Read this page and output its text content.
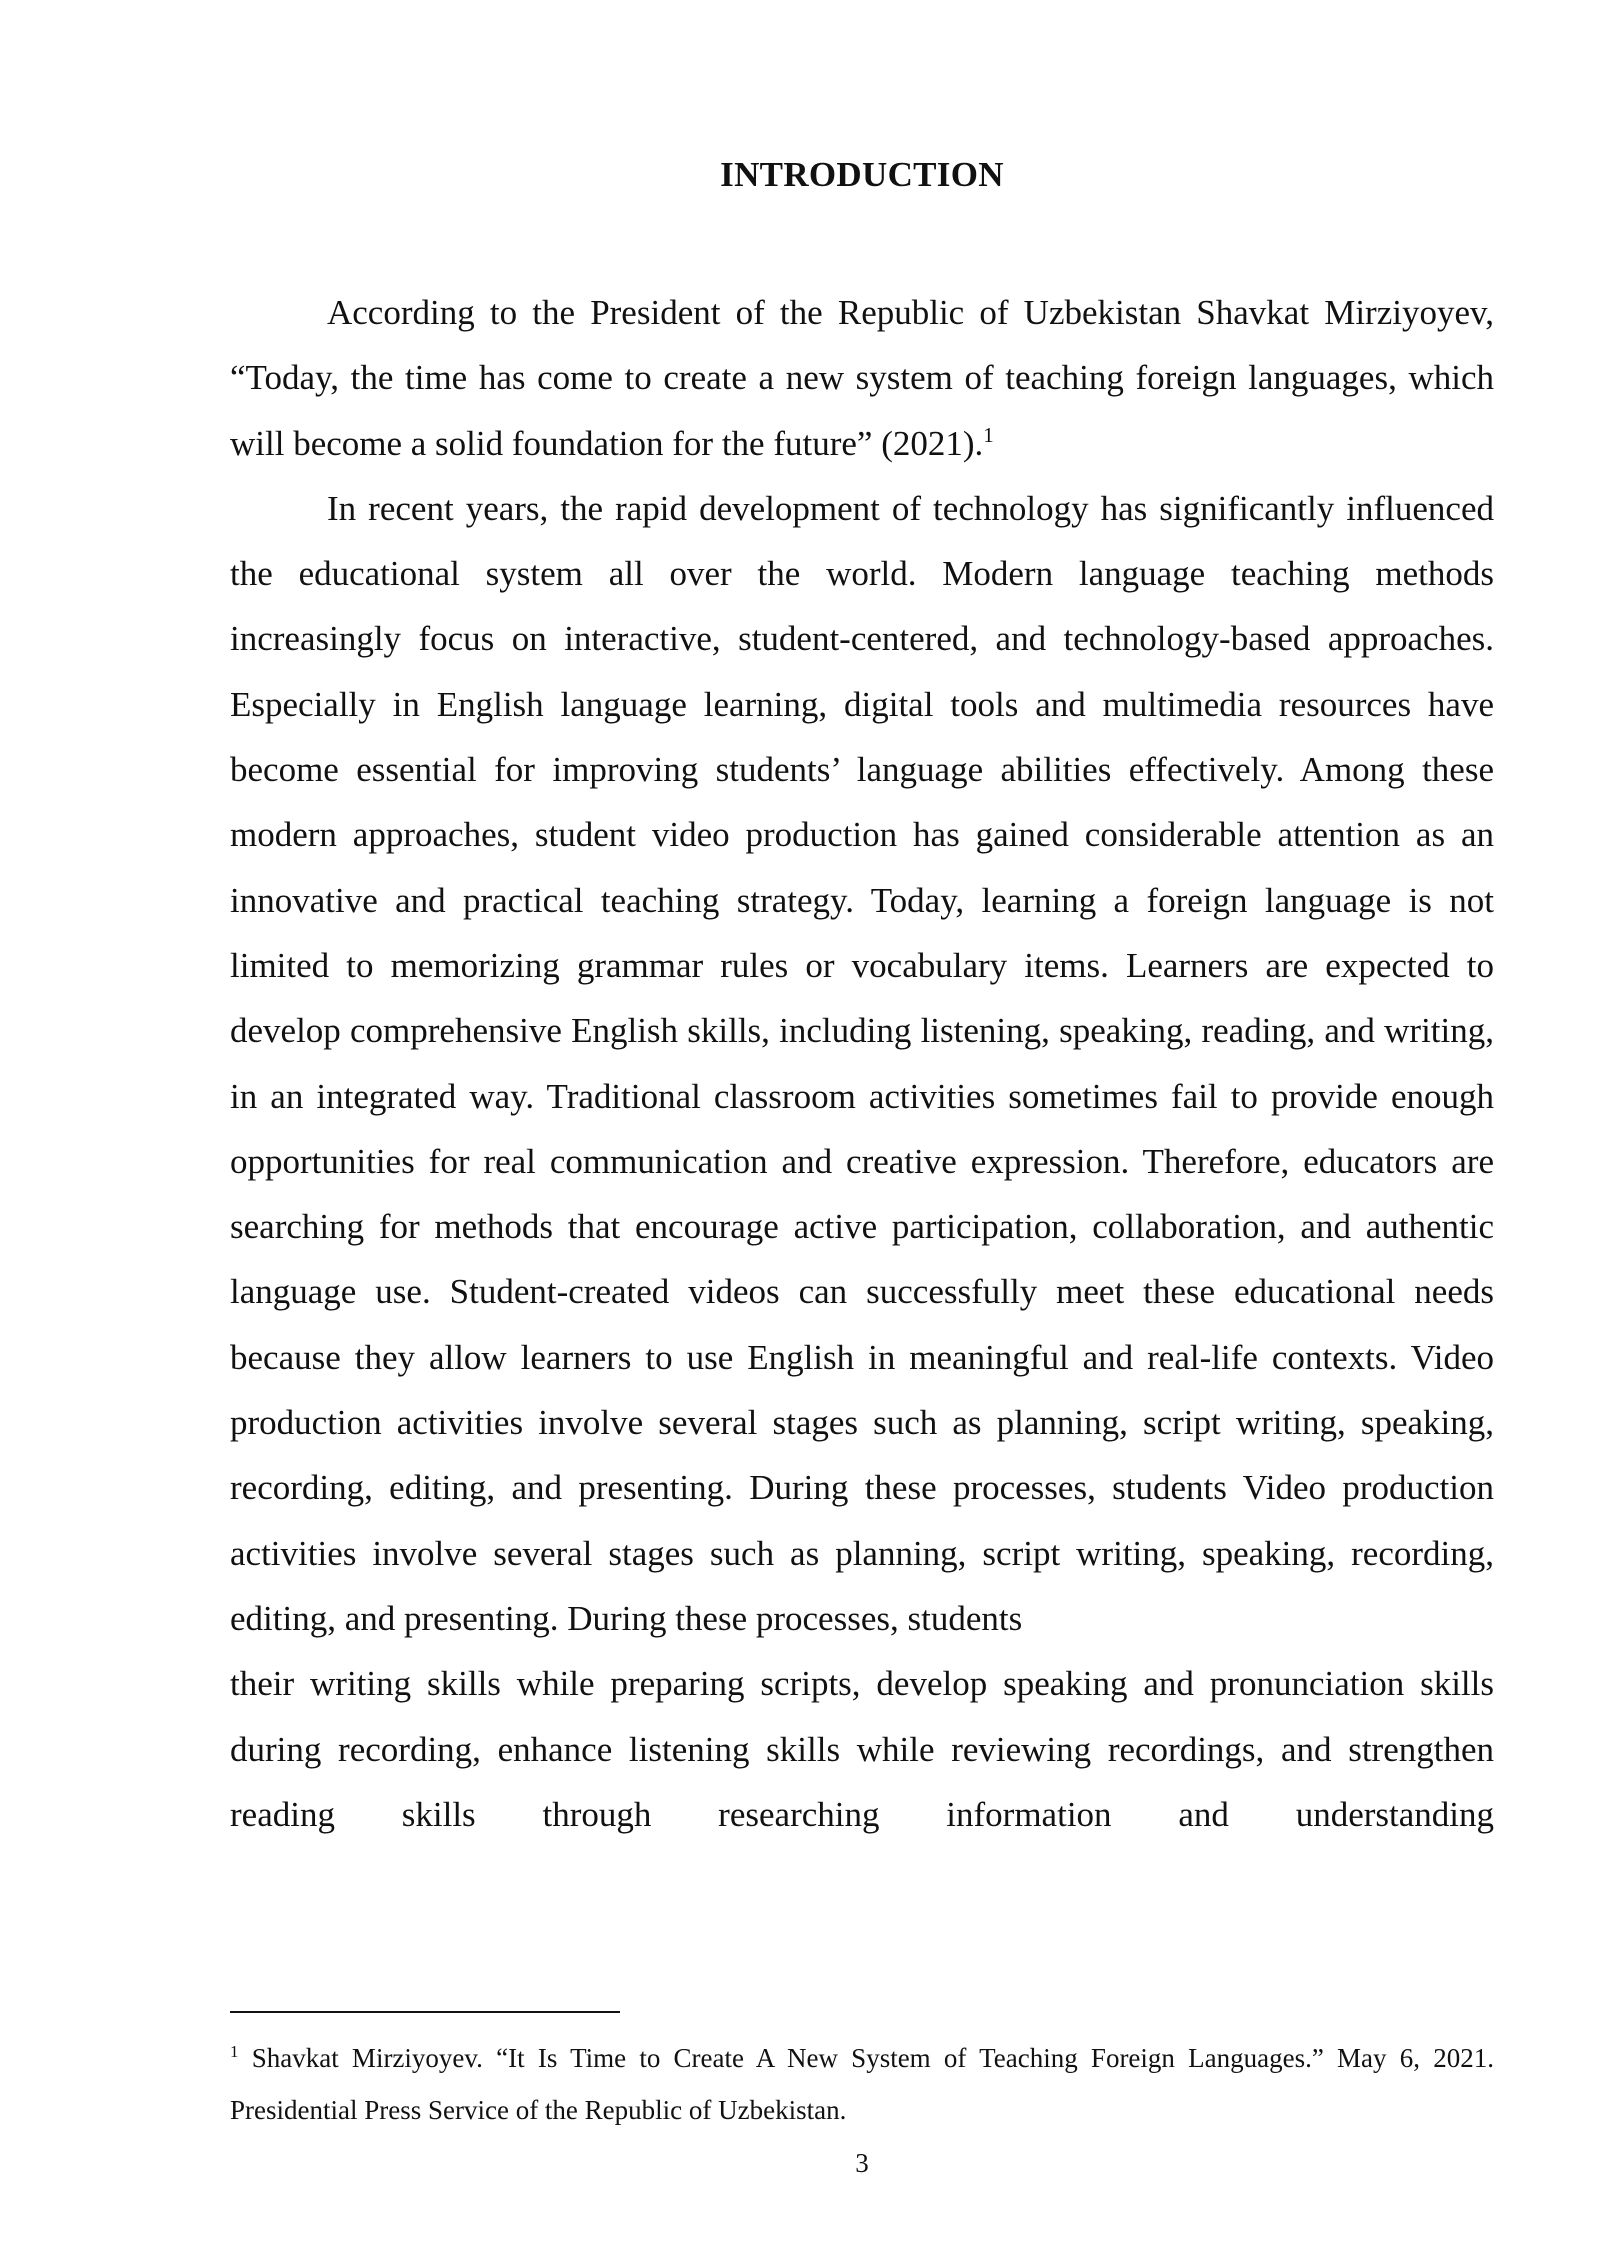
INTRODUCTION

According to the President of the Republic of Uzbekistan Shavkat Mirziyoyev, “Today, the time has come to create a new system of teaching foreign languages, which will become a solid foundation for the future” (2021).$^1$

In recent years, the rapid development of technology has significantly influenced the educational system all over the world. Modern language teaching methods increasingly focus on interactive, student-centered, and technology-based approaches. Especially in English language learning, digital tools and multimedia resources have become essential for improving students’ language abilities effectively. Among these modern approaches, student video production has gained considerable attention as an innovative and practical teaching strategy. Today, learning a foreign language is not limited to memorizing grammar rules or vocabulary items. Learners are expected to develop comprehensive English skills, including listening, speaking, reading, and writing, in an integrated way. Traditional classroom activities sometimes fail to provide enough opportunities for real communication and creative expression. Therefore, educators are searching for methods that encourage active participation, collaboration, and authentic language use. Student-created videos can successfully meet these educational needs because they allow learners to use English in meaningful and real-life contexts. Video production activities involve several stages such as planning, script writing, speaking, recording, editing, and presenting. During these processes, students Video production activities involve several stages such as planning, script writing, speaking, recording, editing, and presenting. During these processes, students

their writing skills while preparing scripts, develop speaking and pronunciation skills during recording, enhance listening skills while reviewing recordings, and strengthen reading skills through researching information and understanding

$^1$ Shavkat Mirziyoyev. “It Is Time to Create A New System of Teaching Foreign Languages.” May 6, 2021. Presidential Press Service of the Republic of Uzbekistan.
3
